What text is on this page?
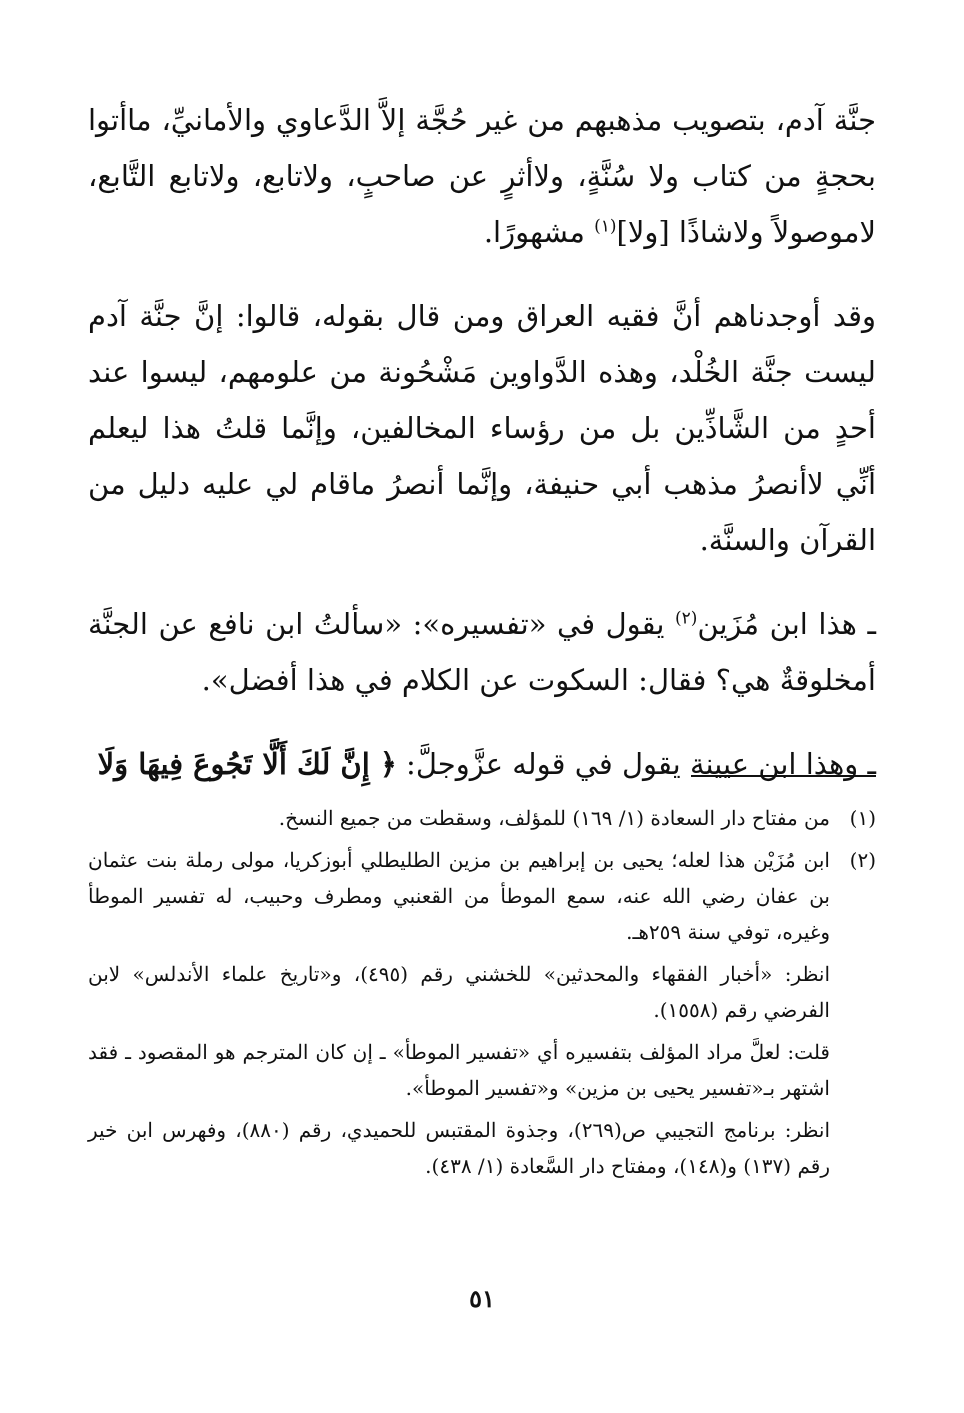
جنَّة آدم، بتصويب مذهبهم من غير حُجَّة إلاَّ الدَّعاوي والأمانيِّ، ماأتوا بحجةٍ من كتاب ولا سُنَّةٍ، ولاأثرٍ عن صاحبٍ، ولاتابع، ولاتابع التَّابع، لاموصولاً ولاشاذًا [ولا]$^{(١)}$ مشهورًا.

وقد أوجدناهم أنَّ فقيه العراق ومن قال بقوله، قالوا: إنَّ جنَّة آدم ليست جنَّة الخُلْد، وهذه الدَّواوين مَشْحُونة من علومهم، ليسوا عند أحدٍ من الشَّاذِّين بل من رؤساء المخالفين، وإنَّما قلتُ هذا ليعلم أنِّي لاأنصرُ مذهب أبي حنيفة، وإنَّما أنصرُ ماقام لي عليه دليل من القرآن والسنَّة.

ـ هذا ابن مُزَين$^{(٢)}$ يقول في «تفسيره»: «سألتُ ابن نافع عن الجنَّة أمخلوقةٌ هي؟ فقال: السكوت عن الكلام في هذا أفضل».

ـ وهذا ابن عيينة يقول في قوله عزَّوجلَّ: ﴿ إِنَّ لَكَ أَلَّا تَجُوعَ فِيهَا وَلَا

(١)

من مفتاح دار السعادة (١/ ١٦٩) للمؤلف، وسقطت من جميع النسخ.

(٢)

ابن مُزَيْن هذا لعله؛ يحيى بن إبراهيم بن مزين الطليطلي أبوزكريا، مولى رملة بنت عثمان بن عفان رضي الله عنه، سمع الموطأ من القعنبي ومطرف وحبيب، له تفسير الموطأ وغيره، توفي سنة ٢٥٩هـ.

انظر: «أخبار الفقهاء والمحدثين» للخشني رقم (٤٩٥)، و«تاريخ علماء الأندلس» لابن الفرضي رقم (١٥٥٨).

قلت: لعلَّ مراد المؤلف بتفسيره أي «تفسير الموطأ» ـ إن كان المترجم هو المقصود ـ فقد اشتهر بـ«تفسير يحيى بن مزين» و«تفسير الموطأ».

انظر: برنامج التجيبي ص(٢٦٩)، وجذوة المقتبس للحميدي، رقم (٨٨٠)، وفهرس ابن خير رقم (١٣٧) و(١٤٨)، ومفتاح دار السَّعادة (١/ ٤٣٨).

٥١
